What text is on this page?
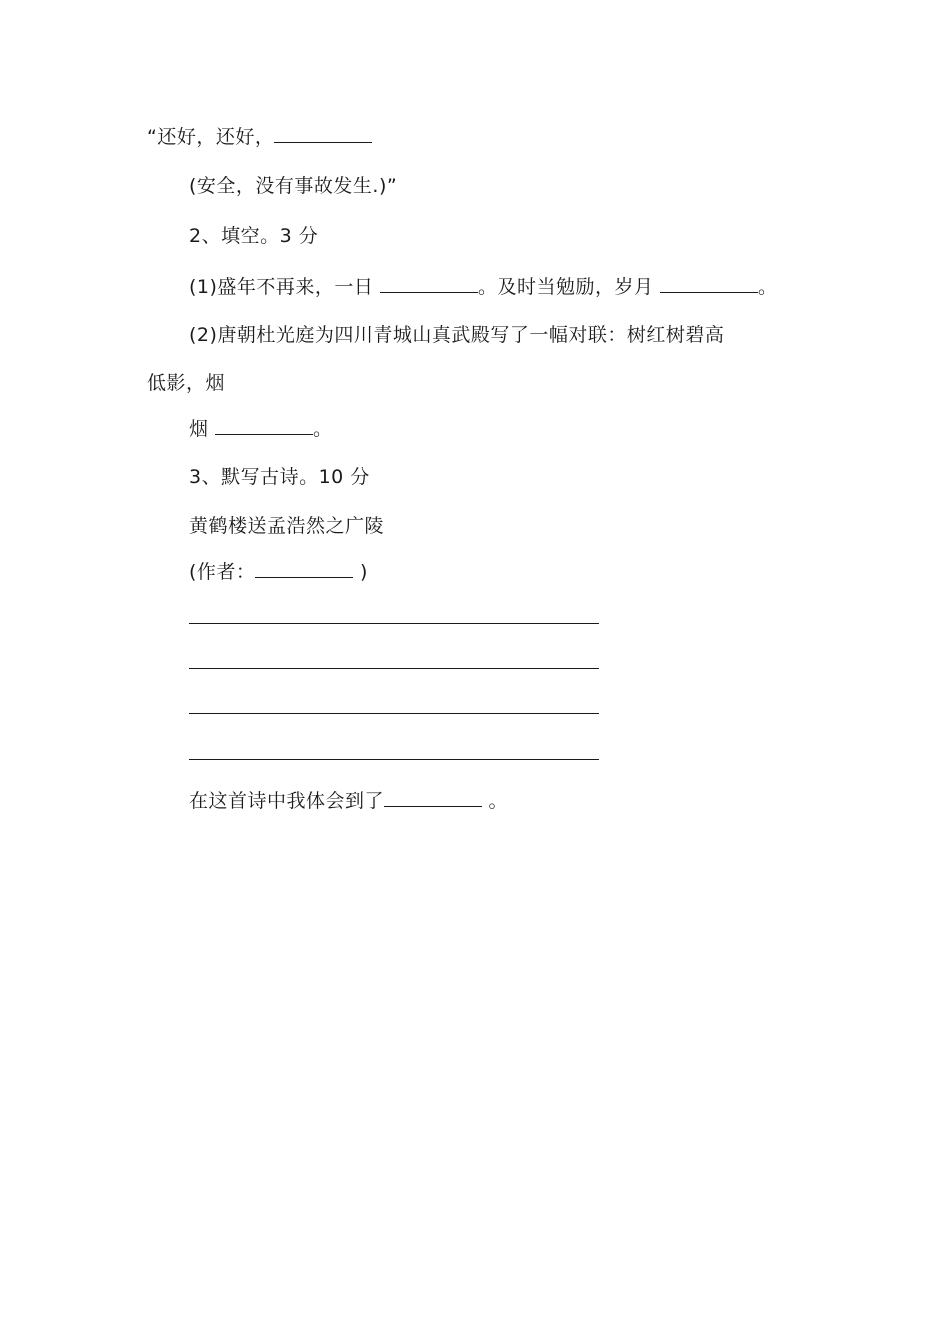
“还好，还好，
(安全，没有事故发生.)”
2、填空。3 分
(1)盛年不再来，一日	。及时当勉励，岁月	。
(2)唐朝杜光庭为四川青城山真武殿写了一幅对联：树红树碧高
低影，烟
烟	。
3、默写古诗。10 分
黄鹤楼送孟浩然之广陵
(作者：	)
在这首诗中我体会到了	。
